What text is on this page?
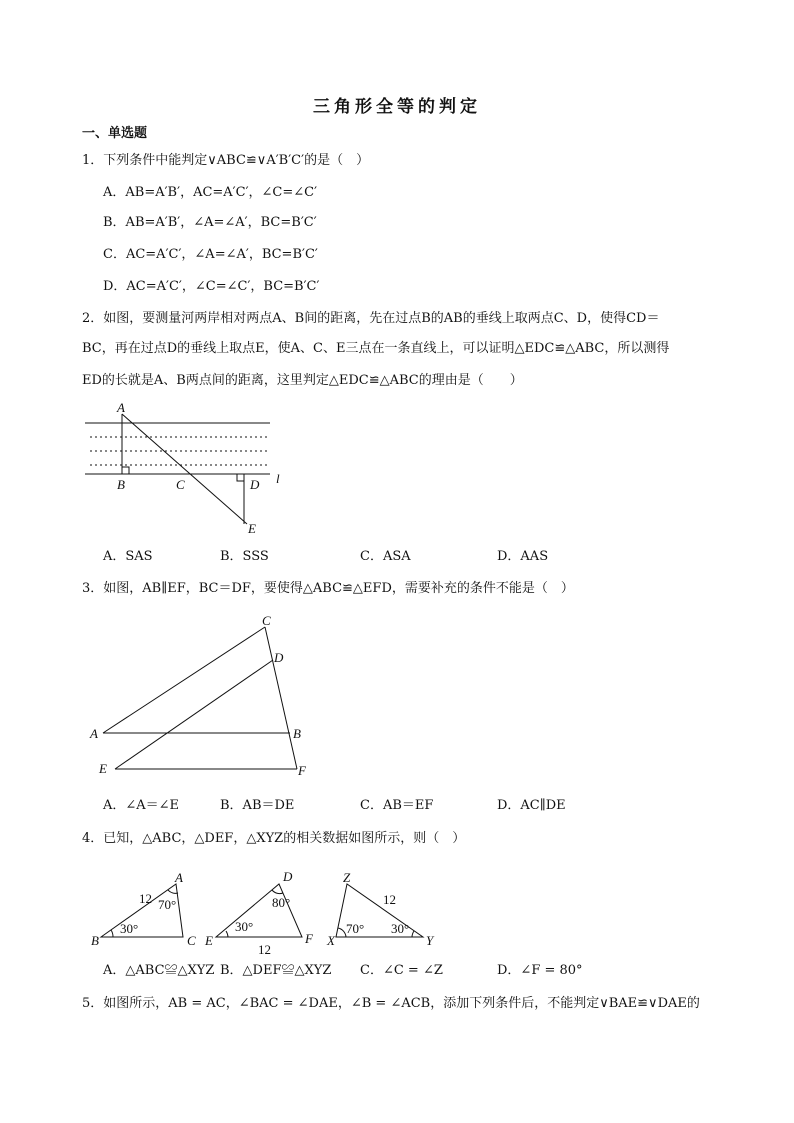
三角形全等的判定
一、单选题
1．下列条件中能判定∨ABC≌∨A′B′C′的是（　）
A．AB=A′B′，AC=A′C′，∠C=∠C′
B．AB=A′B′，∠A=∠A′，BC=B′C′
C．AC=A′C′，∠A=∠A′，BC=B′C′
D．AC=A′C′，∠C=∠C′，BC=B′C′
2．如图，要测量河两岸相对两点A、B间的距离，先在过点B的AB的垂线上取两点C、D，使得CD＝
BC，再在过点D的垂线上取点E，使A、C、E三点在一条直线上，可以证明△EDC≌△ABC，所以测得
ED的长就是A、B两点间的距离，这里判定△EDC≌△ABC的理由是（　　）
A
B	C	D
E
l
C
D
A	B
E	F
A
B	C
12 70°
30°
D
E	F
12
80°
30°
Z
X	Y
12
70° 30°
A．SAS	B．SSS	C．ASA	D．AAS
3．如图，AB∥EF，BC＝DF，要使得△ABC≌△EFD，需要补充的条件不能是（　）
A．∠A＝∠E	B．AB＝DE	C．AB＝EF	D．AC∥DE
4．已知，△ABC，△DEF，△XYZ的相关数据如图所示，则（　）
A．△ABC≌△XYZ B．△DEF≌△XYZ C．∠C = ∠Z	D．∠F = 80°
5．如图所示，AB = AC，∠BAC = ∠DAE，∠B = ∠ACB，添加下列条件后，不能判定∨BAE≌∨DAE的
